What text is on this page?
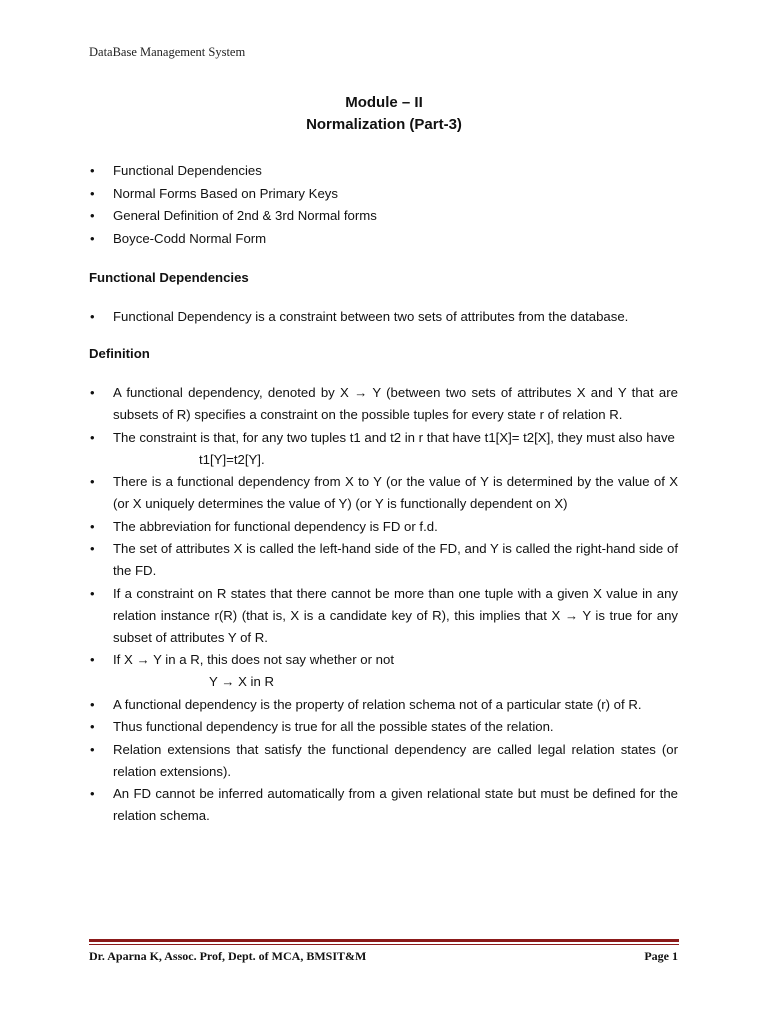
DataBase Management System
Module – II
Normalization (Part-3)
• Functional Dependencies
• Normal Forms Based on Primary Keys
• General Definition of 2nd & 3rd Normal forms
• Boyce-Codd Normal Form
Functional Dependencies
• Functional Dependency is a constraint between two sets of attributes from the database.
Definition
• A functional dependency, denoted by X → Y (between two sets of attributes X and Y that are subsets of R) specifies a constraint on the possible tuples for every state r of relation R.
• The constraint is that, for any two tuples t1 and t2 in r that have t1[X]= t2[X], they must also have
t1[Y]=t2[Y].
• There is a functional dependency from X to Y (or the value of Y is determined by the value of X (or X uniquely determines the value of Y) (or Y is functionally dependent on X)
• The abbreviation for functional dependency is FD or f.d.
• The set of attributes X is called the left-hand side of the FD, and Y is called the right-hand side of the FD.
• If a constraint on R states that there cannot be more than one tuple with a given X value in any relation instance r(R) (that is, X is a candidate key of R), this implies that X → Y is true for any subset of attributes Y of R.
• If X → Y in a R, this does not say whether or not
Y → X in R
• A functional dependency is the property of relation schema not of a particular state (r) of R.
• Thus functional dependency is true for all the possible states of the relation.
• Relation extensions that satisfy the functional dependency are called legal relation states (or relation extensions).
• An FD cannot be inferred automatically from a given relational state but must be defined for the relation schema.
Dr. Aparna K, Assoc. Prof, Dept. of MCA, BMSIT&M	Page 1
